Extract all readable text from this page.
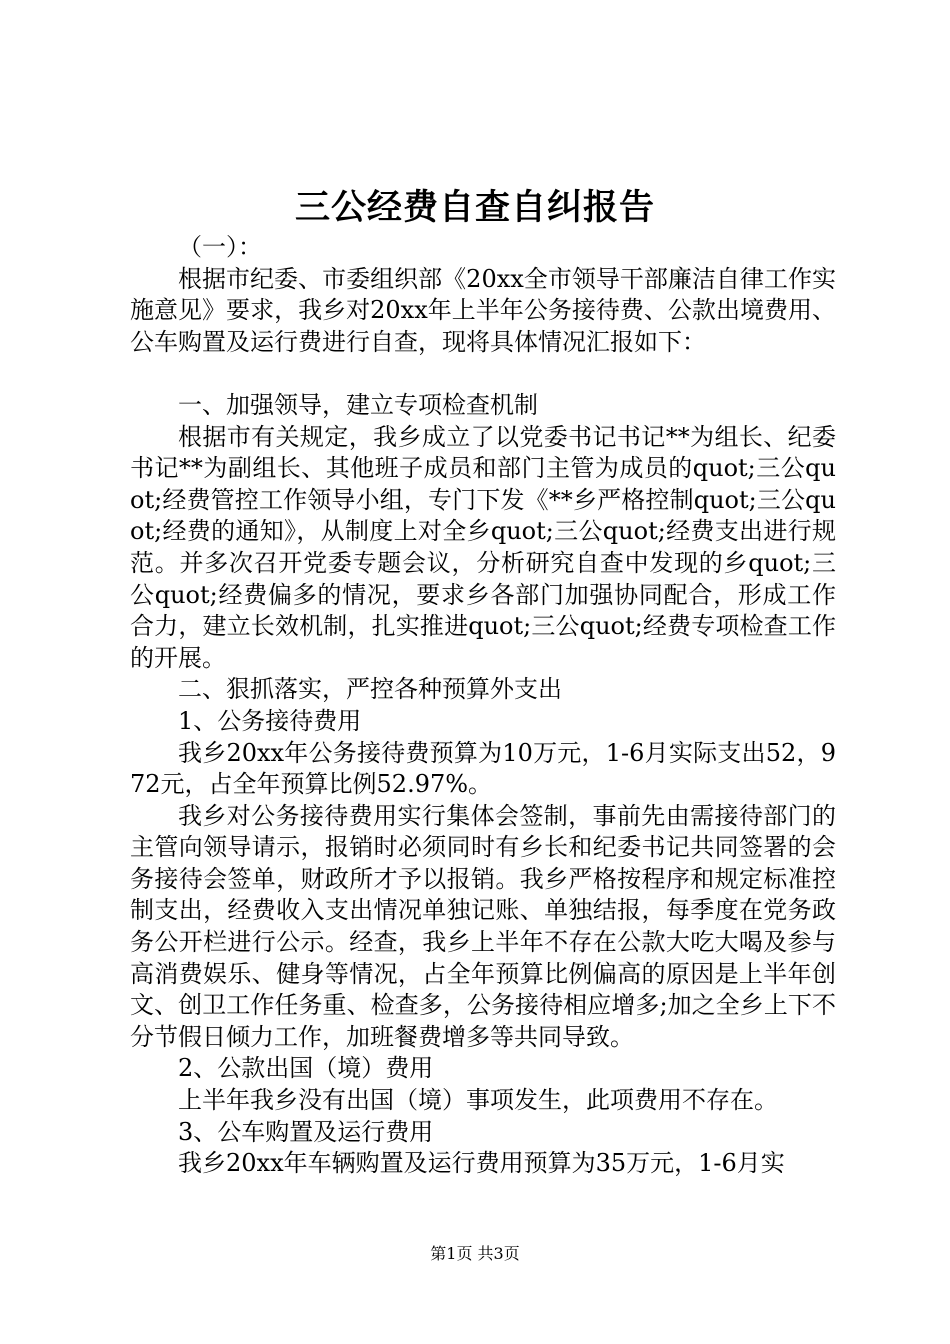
三公经费自查自纠报告

（一）：

根据市纪委、市委组织部《20xx全市领导干部廉洁自律工作实施意见》要求，我乡对20xx年上半年公务接待费、公款出境费用、公车购置及运行费进行自查，现将具体情况汇报如下：

一、加强领导，建立专项检查机制

根据市有关规定，我乡成立了以党委书记书记**为组长、纪委书记**为副组长、其他班子成员和部门主管为成员的quot;三公quot;经费管控工作领导小组，专门下发《**乡严格控制quot;三公quot;经费的通知》，从制度上对全乡quot;三公quot;经费支出进行规范。并多次召开党委专题会议，分析研究自查中发现的乡quot;三公quot;经费偏多的情况，要求乡各部门加强协同配合，形成工作合力，建立长效机制，扎实推进quot;三公quot;经费专项检查工作的开展。

二、狠抓落实，严控各种预算外支出

1、公务接待费用

我乡20xx年公务接待费预算为10万元，1-6月实际支出52，972元，占全年预算比例52.97%。

我乡对公务接待费用实行集体会签制，事前先由需接待部门的主管向领导请示，报销时必须同时有乡长和纪委书记共同签署的会务接待会签单，财政所才予以报销。我乡严格按程序和规定标准控制支出，经费收入支出情况单独记账、单独结报，每季度在党务政务公开栏进行公示。经查，我乡上半年不存在公款大吃大喝及参与高消费娱乐、健身等情况，占全年预算比例偏高的原因是上半年创文、创卫工作任务重、检查多，公务接待相应增多;加之全乡上下不分节假日倾力工作，加班餐费增多等共同导致。

2、公款出国（境）费用

上半年我乡没有出国（境）事项发生，此项费用不存在。

3、公车购置及运行费用

我乡20xx年车辆购置及运行费用预算为35万元，1-6月实

第1页 共3页
